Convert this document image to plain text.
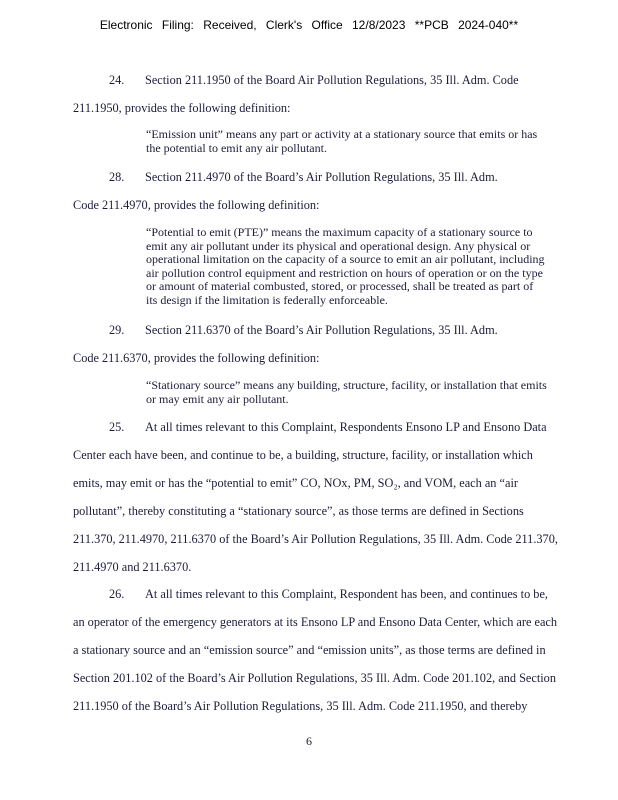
Electronic Filing: Received, Clerk's Office 12/8/2023 **PCB 2024-040**
24. Section 211.1950 of the Board Air Pollution Regulations, 35 Ill. Adm. Code
211.1950, provides the following definition:
“Emission unit” means any part or activity at a stationary source that emits or has
the potential to emit any air pollutant.
28. Section 211.4970 of the Board’s Air Pollution Regulations, 35 Ill. Adm.
Code 211.4970, provides the following definition:
“Potential to emit (PTE)” means the maximum capacity of a stationary source to
emit any air pollutant under its physical and operational design. Any physical or
operational limitation on the capacity of a source to emit an air pollutant, including
air pollution control equipment and restriction on hours of operation or on the type
or amount of material combusted, stored, or processed, shall be treated as part of
its design if the limitation is federally enforceable.
29. Section 211.6370 of the Board’s Air Pollution Regulations, 35 Ill. Adm.
Code 211.6370, provides the following definition:
“Stationary source” means any building, structure, facility, or installation that emits
or may emit any air pollutant.
25. At all times relevant to this Complaint, Respondents Ensono LP and Ensono Data
Center each have been, and continue to be, a building, structure, facility, or installation which
emits, may emit or has the “potential to emit” CO, NOx, PM, SO₂, and VOM, each an “air
pollutant”, thereby constituting a “stationary source”, as those terms are defined in Sections
211.370, 211.4970, 211.6370 of the Board’s Air Pollution Regulations, 35 Ill. Adm. Code 211.370,
211.4970 and 211.6370.
26. At all times relevant to this Complaint, Respondent has been, and continues to be,
an operator of the emergency generators at its Ensono LP and Ensono Data Center, which are each
a stationary source and an “emission source” and “emission units”, as those terms are defined in
Section 201.102 of the Board’s Air Pollution Regulations, 35 Ill. Adm. Code 201.102, and Section
211.1950 of the Board’s Air Pollution Regulations, 35 Ill. Adm. Code 211.1950, and thereby
6
